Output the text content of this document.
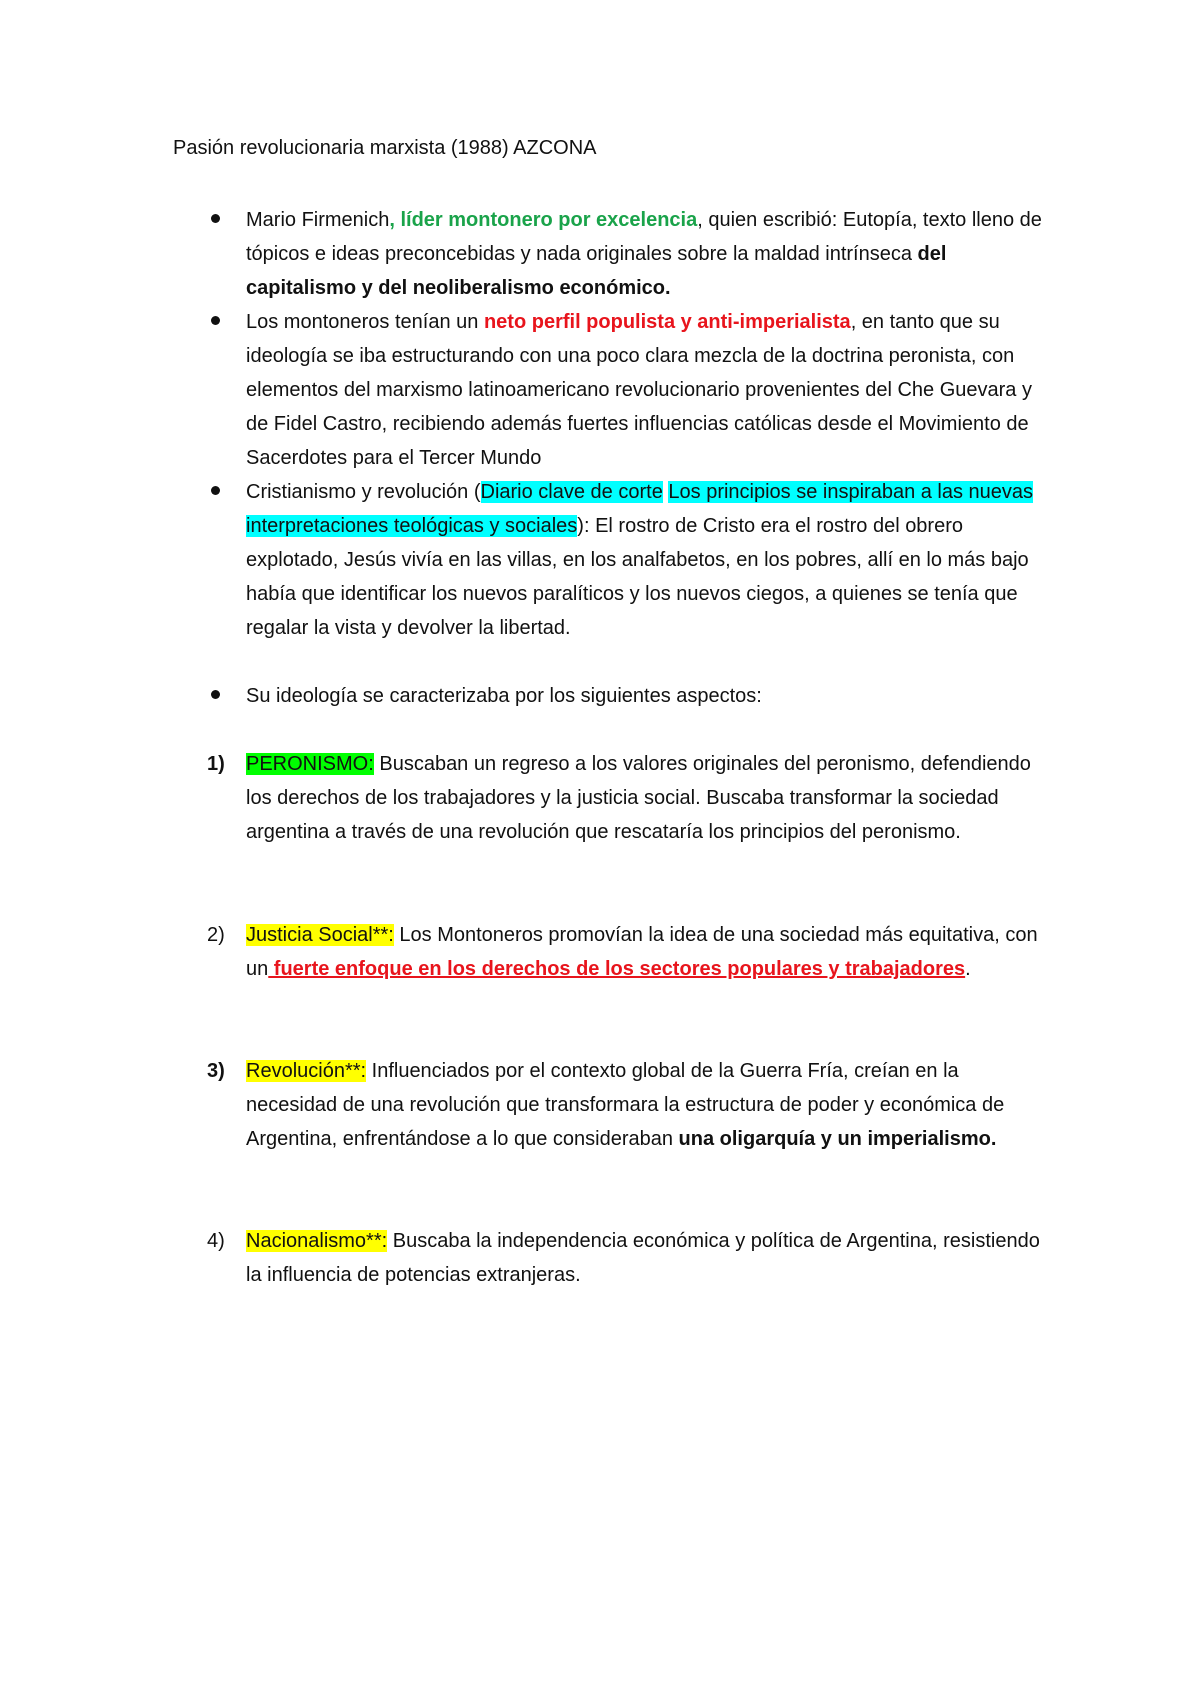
Pasión revolucionaria marxista (1988) AZCONA
Mario Firmenich, líder montonero por excelencia, quien escribió: Eutopía, texto lleno de tópicos e ideas preconcebidas y nada originales sobre la maldad intrínseca del capitalismo y del neoliberalismo económico.
Los montoneros tenían un neto perfil populista y anti-imperialista, en tanto que su ideología se iba estructurando con una poco clara mezcla de la doctrina peronista, con elementos del marxismo latinoamericano revolucionario provenientes del Che Guevara y de Fidel Castro, recibiendo además fuertes influencias católicas desde el Movimiento de Sacerdotes para el Tercer Mundo
Cristianismo y revolución (Diario clave de corte Los principios se inspiraban a las nuevas interpretaciones teológicas y sociales): El rostro de Cristo era el rostro del obrero explotado, Jesús vivía en las villas, en los analfabetos, en los pobres, allí en lo más bajo había que identificar los nuevos paralíticos y los nuevos ciegos, a quienes se tenía que regalar la vista y devolver la libertad.
Su ideología se caracterizaba por los siguientes aspectos:
1) PERONISMO: Buscaban un regreso a los valores originales del peronismo, defendiendo los derechos de los trabajadores y la justicia social. Buscaba transformar la sociedad argentina a través de una revolución que rescataría los principios del peronismo.
2) Justicia Social**: Los Montoneros promovían la idea de una sociedad más equitativa, con un fuerte enfoque en los derechos de los sectores populares y trabajadores.
3) Revolución**: Influenciados por el contexto global de la Guerra Fría, creían en la necesidad de una revolución que transformara la estructura de poder y económica de Argentina, enfrentándose a lo que consideraban una oligarquía y un imperialismo.
4) Nacionalismo**: Buscaba la independencia económica y política de Argentina, resistiendo la influencia de potencias extranjeras.
